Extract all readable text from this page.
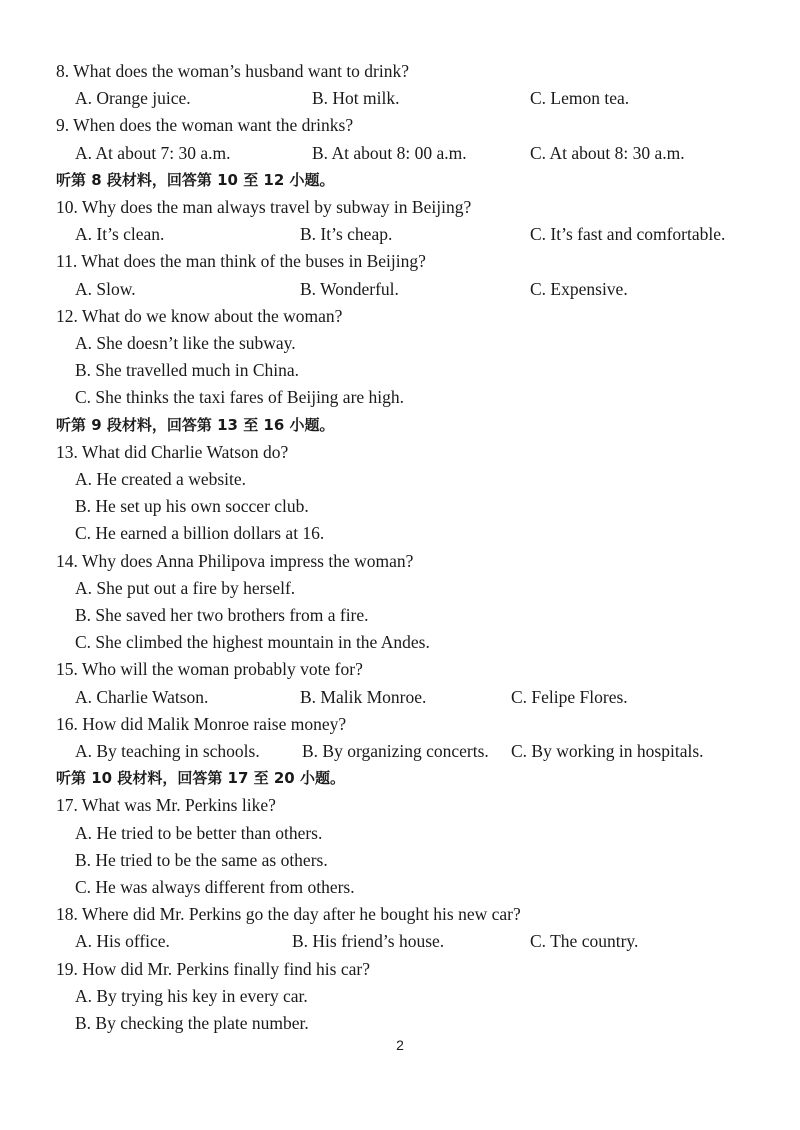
2
8. What does the woman’s husband want to drink?
A. Orange juice.	B. Hot milk.	C. Lemon tea.
9. When does the woman want the drinks?
A. At about 7: 30 a.m.	B. At about 8: 00 a.m.	C. At about 8: 30 a.m.
听第 8 段材料，回答第 10 至 12 小题。
10. Why does the man always travel by subway in Beijing?
A. It’s clean.	B. It’s cheap.	C. It’s fast and comfortable.
11. What does the man think of the buses in Beijing?
A. Slow.	B. Wonderful.	C. Expensive.
12. What do we know about the woman?
A. She doesn’t like the subway.
B. She travelled much in China.
C. She thinks the taxi fares of Beijing are high.
听第 9 段材料，回答第 13 至 16 小题。
13. What did Charlie Watson do?
A. He created a website.
B. He set up his own soccer club.
C. He earned a billion dollars at 16.
14. Why does Anna Philipova impress the woman?
A. She put out a fire by herself.
B. She saved her two brothers from a fire.
C. She climbed the highest mountain in the Andes.
15. Who will the woman probably vote for?
A. Charlie Watson.	B. Malik Monroe.	C. Felipe Flores.
16. How did Malik Monroe raise money?
A. By teaching in schools. B. By organizing concerts. C. By working in hospitals.
听第 10 段材料，回答第 17 至 20 小题。
17. What was Mr. Perkins like?
A. He tried to be better than others.
B. He tried to be the same as others.
C. He was always different from others.
18. Where did Mr. Perkins go the day after he bought his new car?
A. His office.	B. His friend’s house.	C. The country.
19. How did Mr. Perkins finally find his car?
A. By trying his key in every car.
B. By checking the plate number.
